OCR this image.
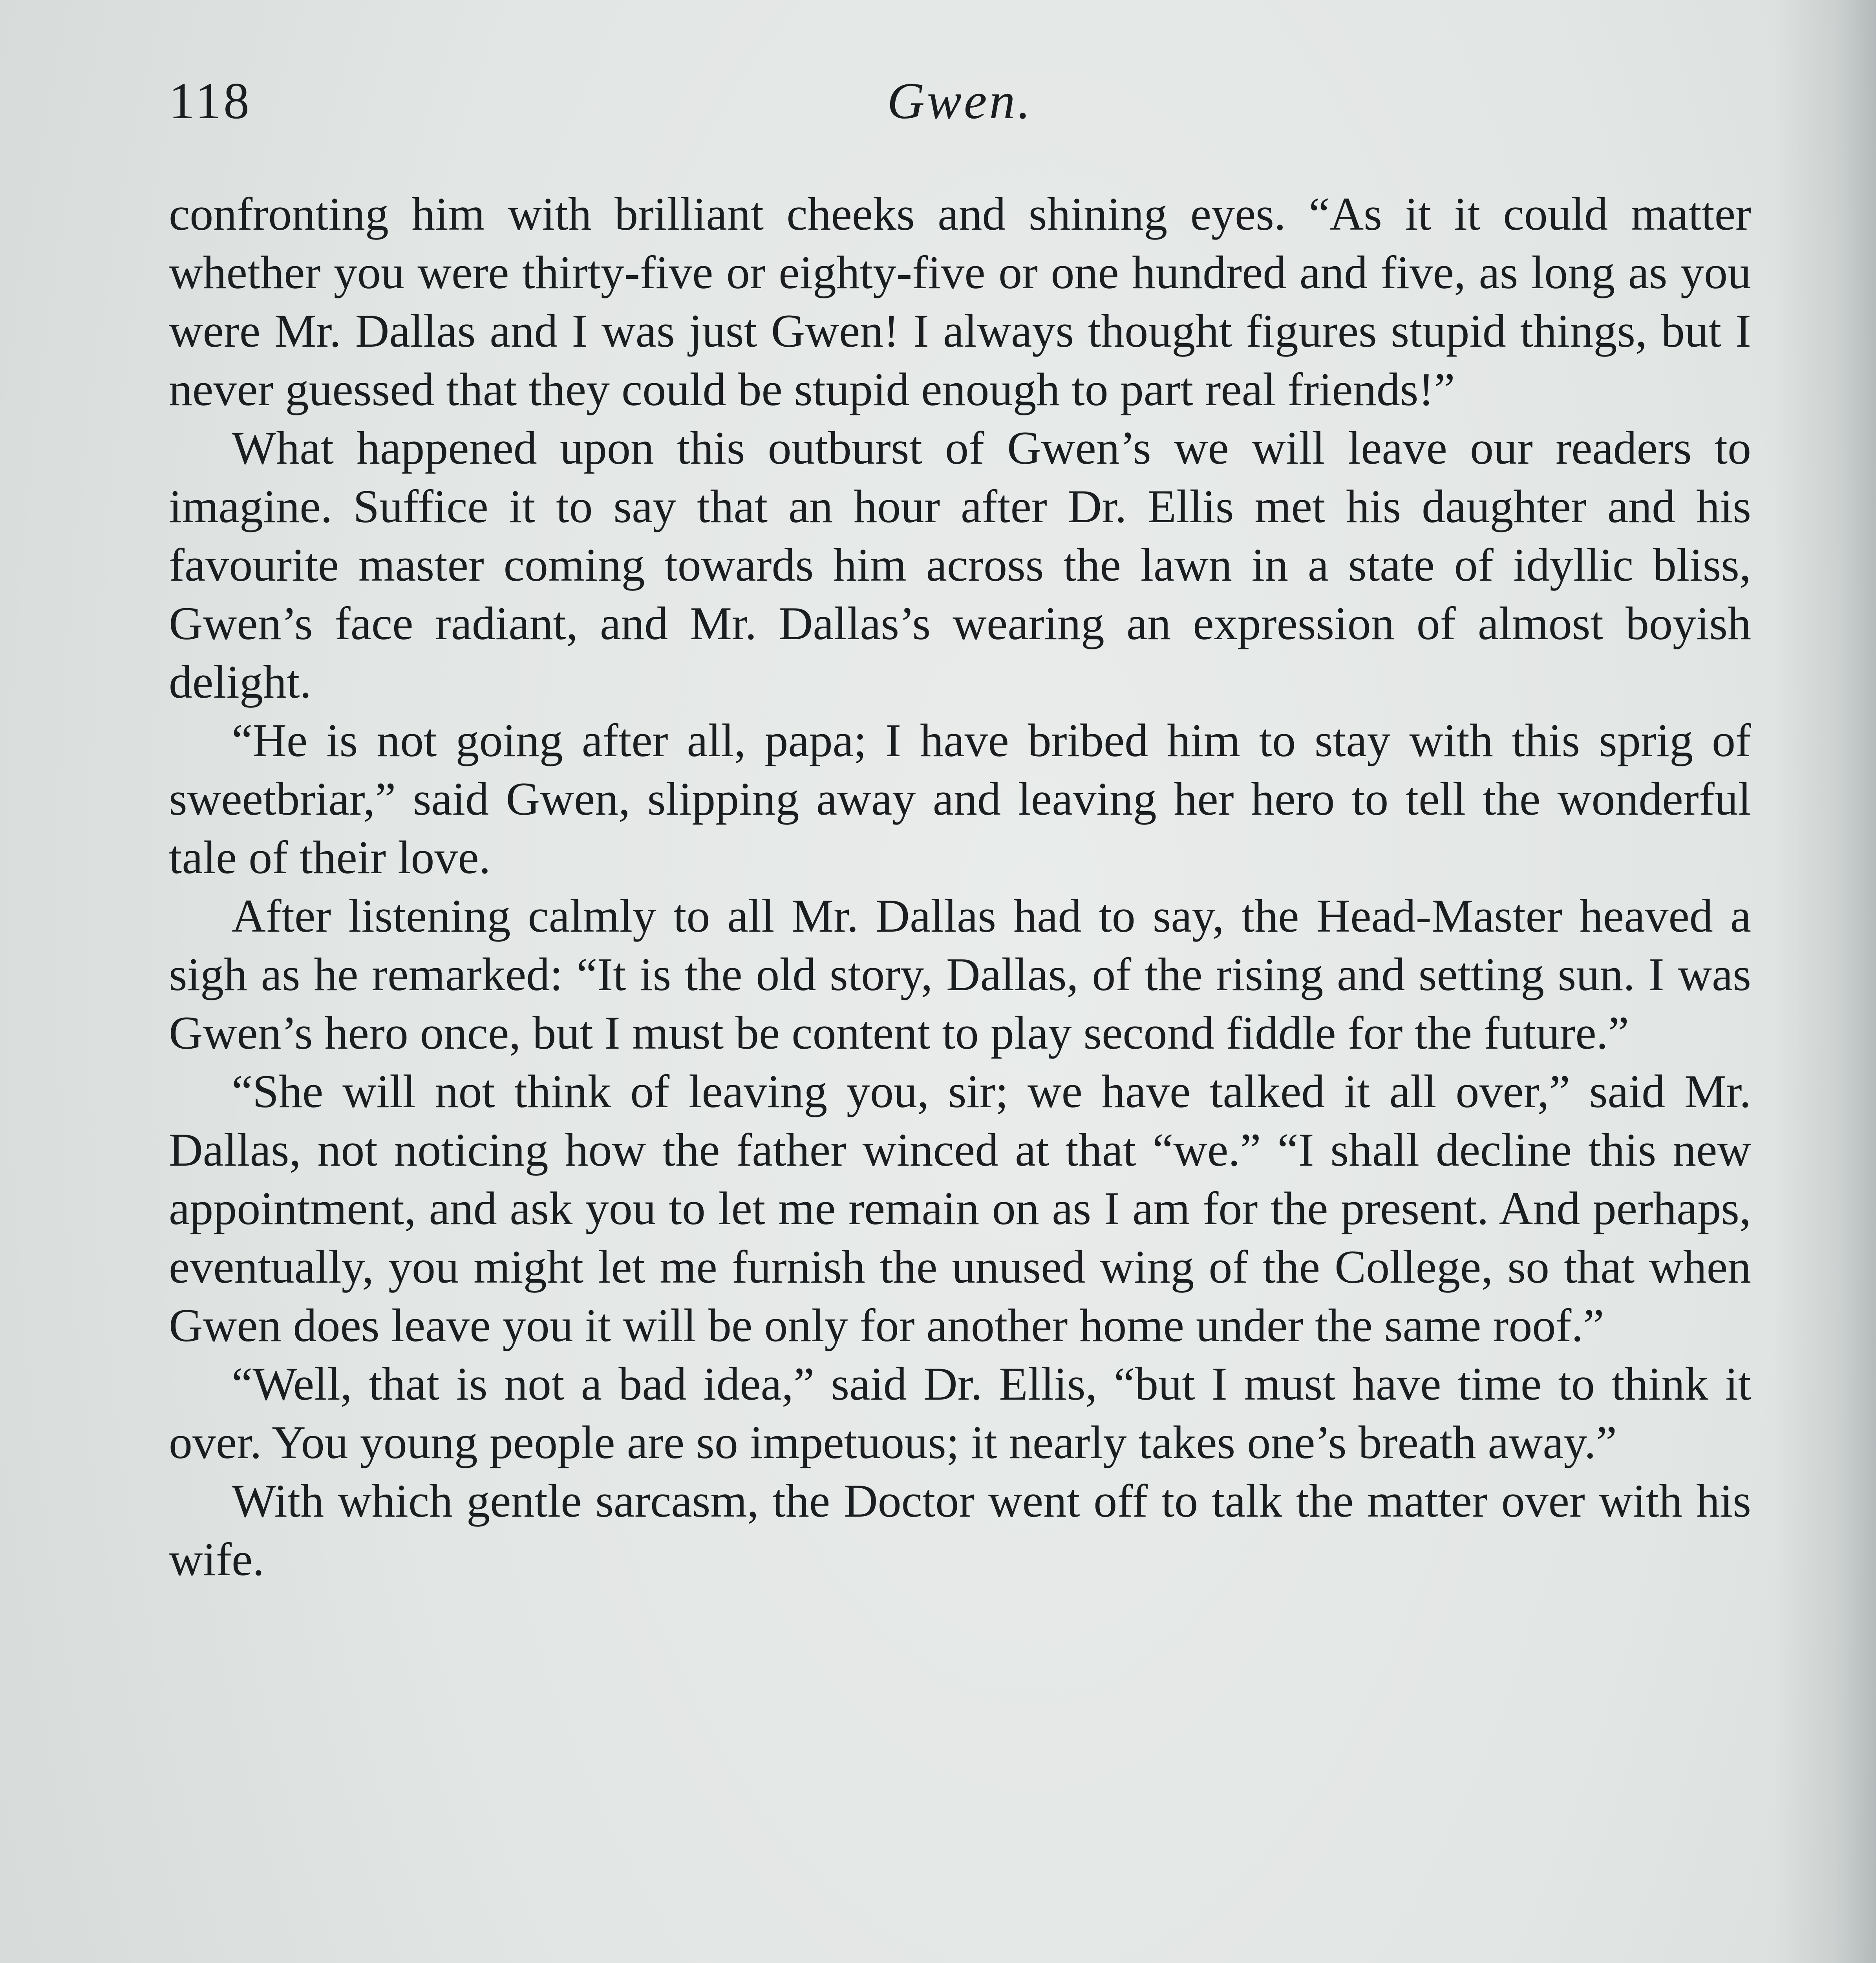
Gwen.
118

confronting him with brilliant cheeks and shining eyes. “As it it could matter whether you were thirty-five or eighty-five or one hundred and five, as long as you were Mr. Dallas and I was just Gwen! I always thought figures stupid things, but I never guessed that they could be stupid enough to part real friends!”

What happened upon this outburst of Gwen’s we will leave our readers to imagine. Suffice it to say that an hour after Dr. Ellis met his daughter and his favourite master coming towards him across the lawn in a state of idyllic bliss, Gwen’s face radiant, and Mr. Dallas’s wearing an expression of almost boyish delight.

“He is not going after all, papa; I have bribed him to stay with this sprig of sweetbriar,” said Gwen, slipping away and leaving her hero to tell the wonderful tale of their love.

After listening calmly to all Mr. Dallas had to say, the Head-Master heaved a sigh as he remarked: “It is the old story, Dallas, of the rising and setting sun. I was Gwen’s hero once, but I must be content to play second fiddle for the future.”

“She will not think of leaving you, sir; we have talked it all over,” said Mr. Dallas, not noticing how the father winced at that “we.” “I shall decline this new appointment, and ask you to let me remain on as I am for the present. And perhaps, eventually, you might let me furnish the unused wing of the College, so that when Gwen does leave you it will be only for another home under the same roof.”

“Well, that is not a bad idea,” said Dr. Ellis, “but I must have time to think it over. You young people are so impetuous; it nearly takes one’s breath away.”

With which gentle sarcasm, the Doctor went off to talk the matter over with his wife.
